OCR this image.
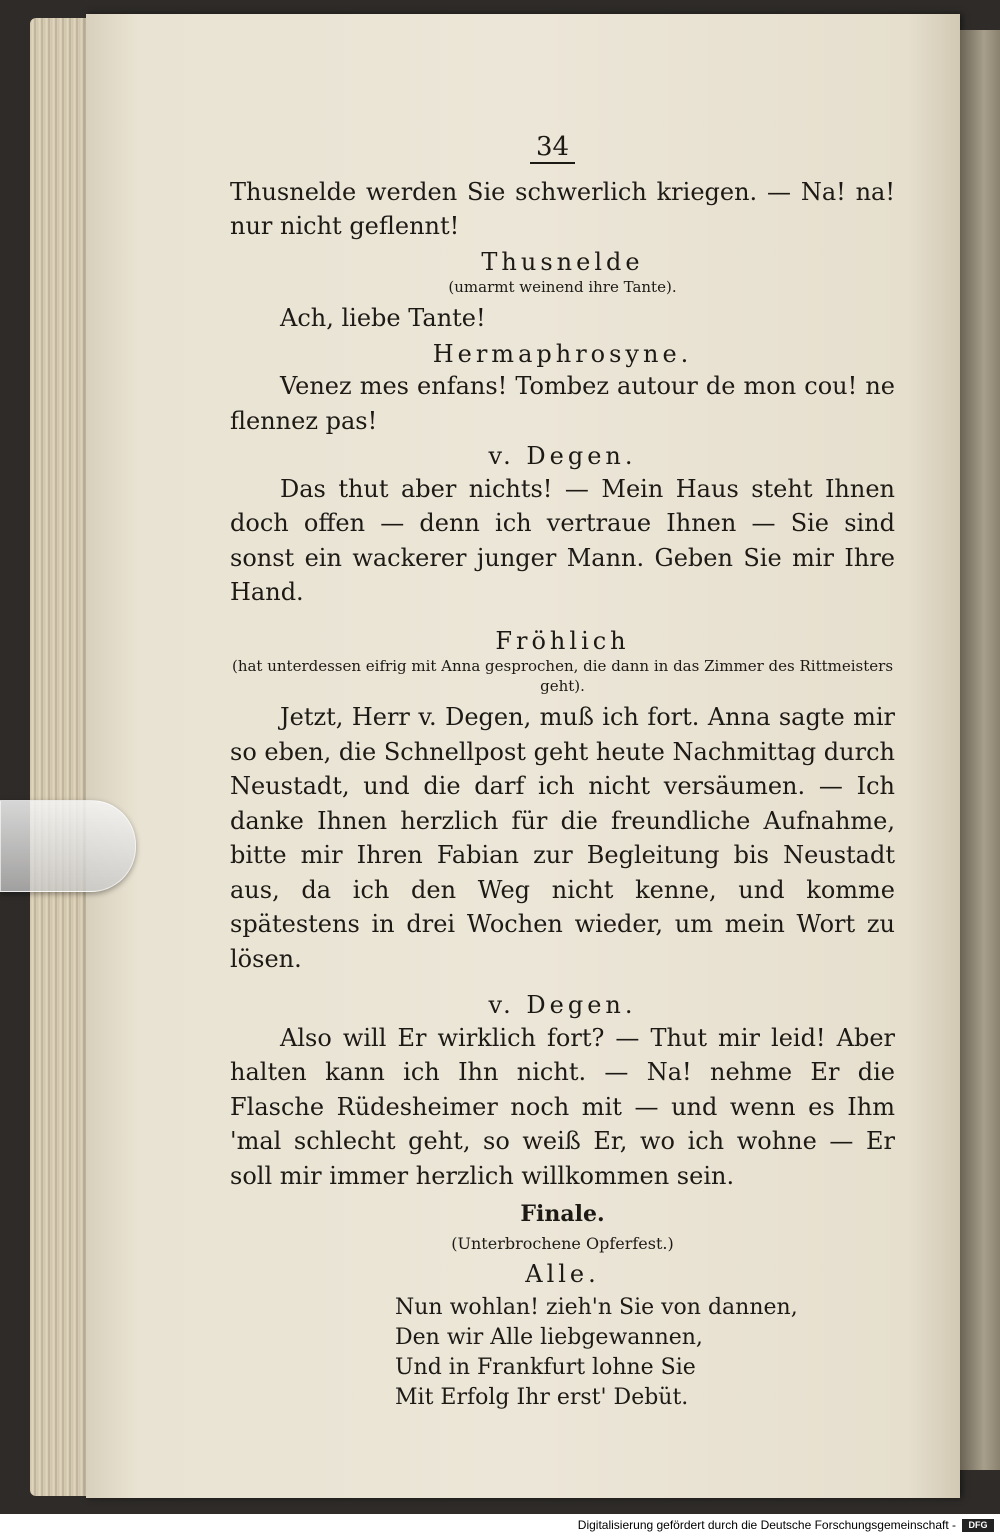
34

Thusnelde werden Sie schwerlich kriegen. — Na! na! nur nicht geflennt!

Thusnelde
(umarmt weinend ihre Tante).

Ach, liebe Tante!

Hermaphrosyne.

Venez mes enfans! Tombez autour de mon cou! ne flennez pas!

v. Degen.

Das thut aber nichts! — Mein Haus steht Ihnen doch offen — denn ich vertraue Ihnen — Sie sind sonst ein wackerer junger Mann. Geben Sie mir Ihre Hand.

Fröhlich
(hat unterdessen eifrig mit Anna gesprochen, die dann in das Zimmer des Rittmeisters geht).

Jetzt, Herr v. Degen, muß ich fort. Anna sagte mir so eben, die Schnellpost geht heute Nachmittag durch Neustadt, und die darf ich nicht versäumen. — Ich danke Ihnen herzlich für die freundliche Aufnahme, bitte mir Ihren Fabian zur Begleitung bis Neustadt aus, da ich den Weg nicht kenne, und komme spätestens in drei Wochen wieder, um mein Wort zu lösen.

v. Degen.

Also will Er wirklich fort? — Thut mir leid! Aber halten kann ich Ihn nicht. — Na! nehme Er die Flasche Rüdesheimer noch mit — und wenn es Ihm 'mal schlecht geht, so weiß Er, wo ich wohne — Er soll mir immer herzlich willkommen sein.

Finale.
(Unterbrochene Opferfest.)
Alle.
Nun wohlan! zieh'n Sie von dannen,
Den wir Alle liebgewannen,
Und in Frankfurt lohne Sie
Mit Erfolg Ihr erst' Debüt.
Digitalisierung gefördert durch die Deutsche Forschungsgemeinschaft -	DFG
